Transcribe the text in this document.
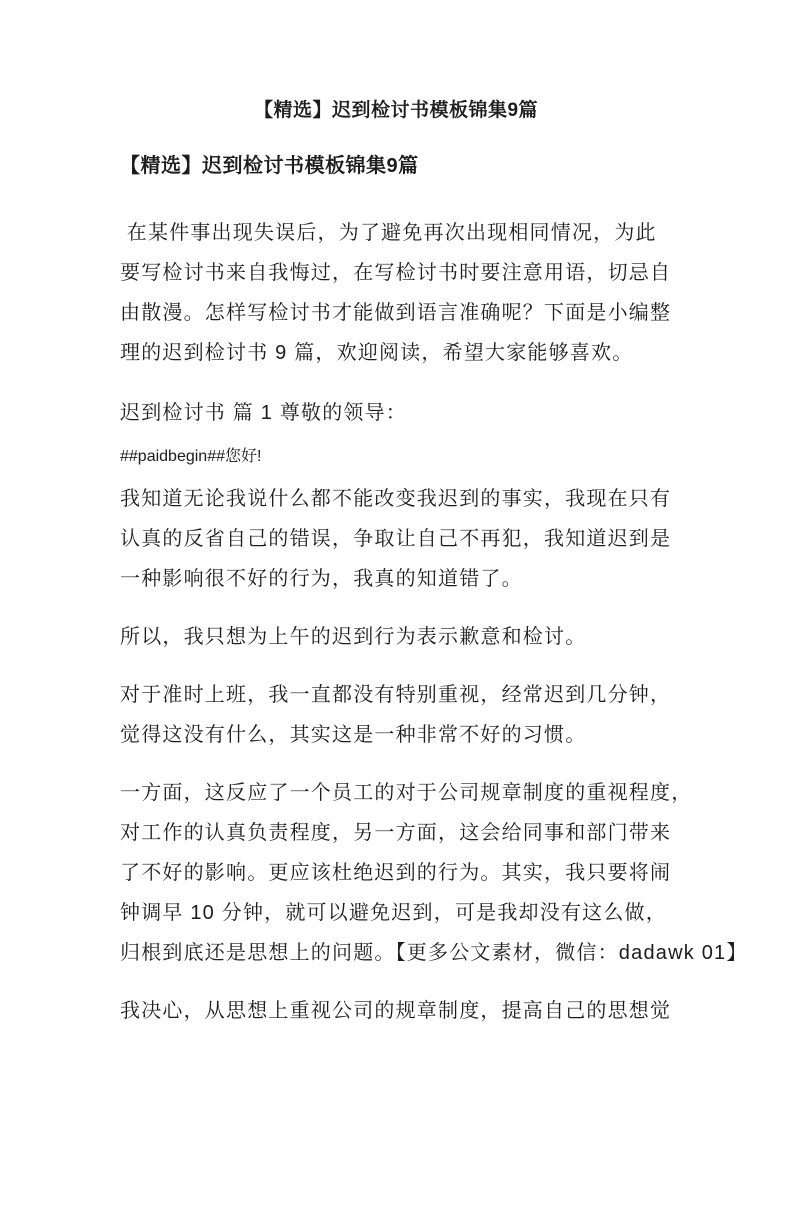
【精选】迟到检讨书模板锦集9篇
【精选】迟到检讨书模板锦集9篇
在某件事出现失误后，为了避免再次出现相同情况，为此
要写检讨书来自我悔过，在写检讨书时要注意用语，切忌自
由散漫。怎样写检讨书才能做到语言准确呢？下面是小编整
理的迟到检讨书 9 篇，欢迎阅读，希望大家能够喜欢。
迟到检讨书 篇 1 尊敬的领导：
##paidbegin##您好!
我知道无论我说什么都不能改变我迟到的事实，我现在只有
认真的反省自己的错误，争取让自己不再犯，我知道迟到是
一种影响很不好的行为，我真的知道错了。
所以，我只想为上午的迟到行为表示歉意和检讨。
对于准时上班，我一直都没有特别重视，经常迟到几分钟，
觉得这没有什么，其实这是一种非常不好的习惯。
一方面，这反应了一个员工的对于公司规章制度的重视程度，
对工作的认真负责程度，另一方面，这会给同事和部门带来
了不好的影响。更应该杜绝迟到的行为。其实，我只要将闹
钟调早 10 分钟，就可以避免迟到，可是我却没有这么做，
归根到底还是思想上的问题。【更多公文素材，微信：dadawk 01】
我决心，从思想上重视公司的规章制度，提高自己的思想觉
